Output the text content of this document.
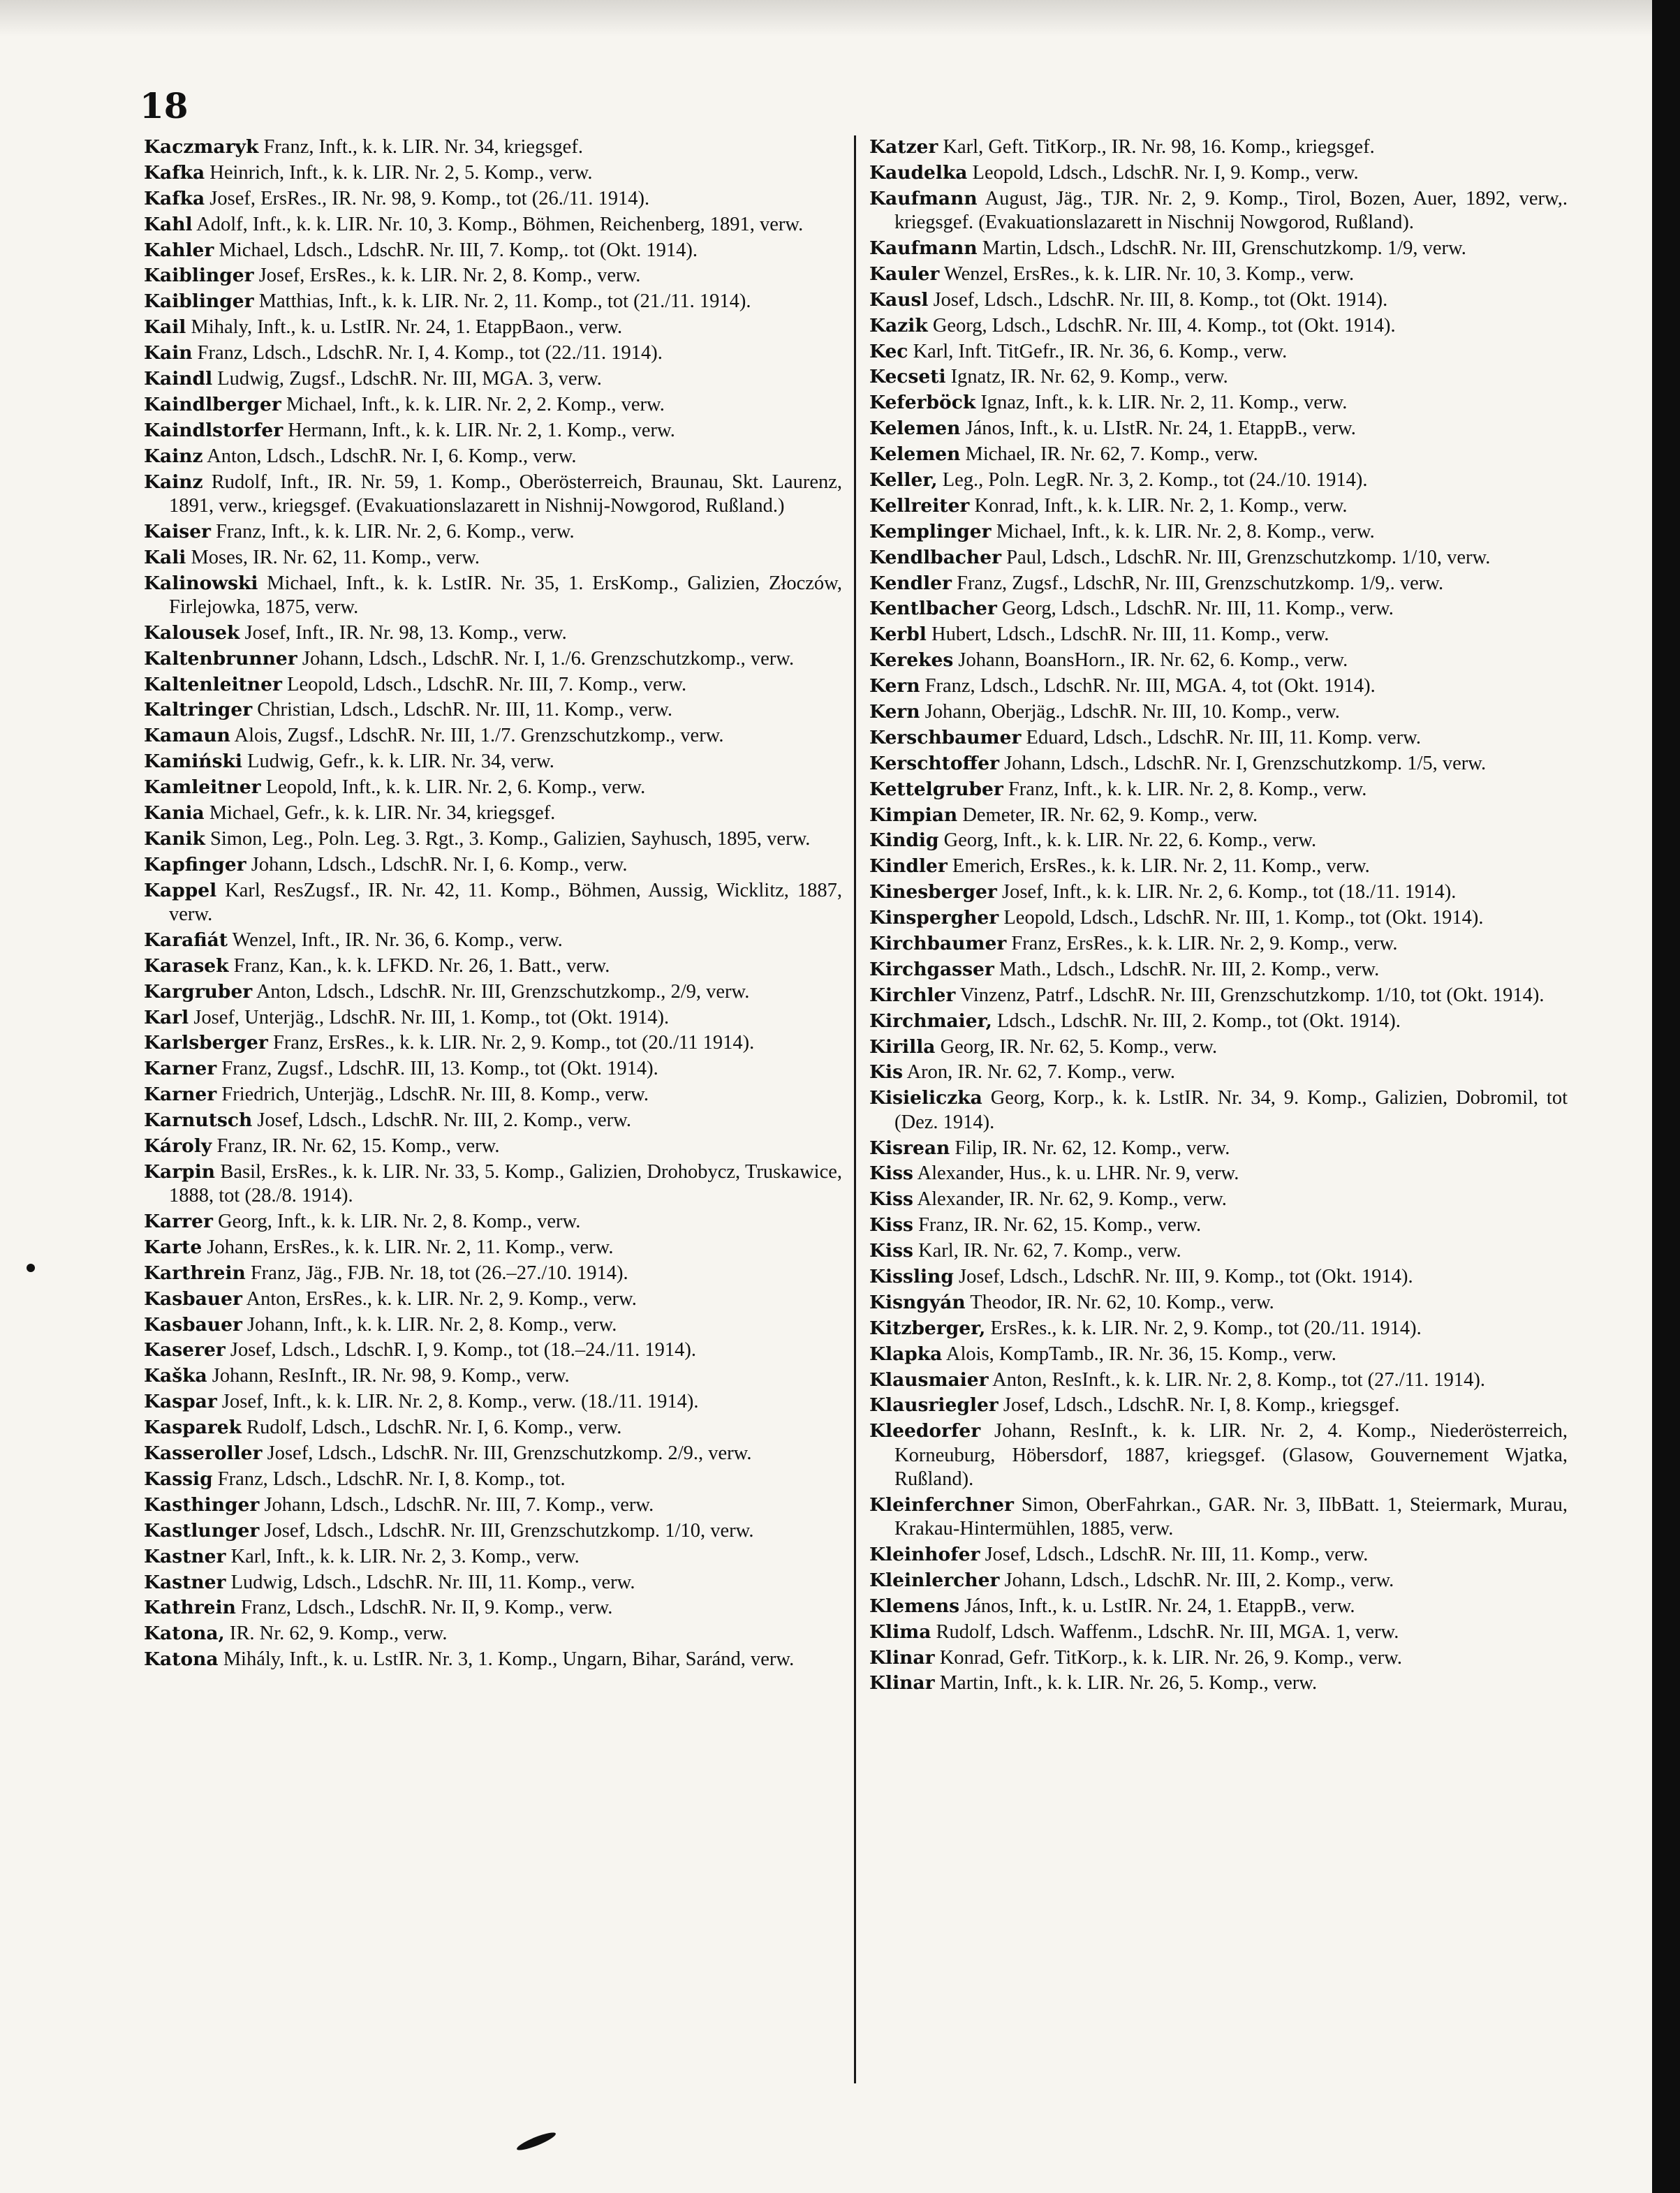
18
Kaczmaryk Franz, Inft., k. k. LIR. Nr. 34, kriegsgef.
Kafka Heinrich, Inft., k. k. LIR. Nr. 2, 5. Komp., verw.
Kafka Josef, ErsRes., IR. Nr. 98, 9. Komp., tot (26./11. 1914).
Kahl Adolf, Inft., k. k. LIR. Nr. 10, 3. Komp., Böhmen, Reichenberg, 1891, verw.
Kahler Michael, Ldsch., LdschR. Nr. III, 7. Komp,. tot (Okt. 1914).
Kaiblinger Josef, ErsRes., k. k. LIR. Nr. 2, 8. Komp., verw.
Kaiblinger Matthias, Inft., k. k. LIR. Nr. 2, 11. Komp., tot (21./11. 1914).
Kail Mihaly, Inft., k. u. LstIR. Nr. 24, 1. EtappBaon., verw.
Kain Franz, Ldsch., LdschR. Nr. I, 4. Komp., tot (22./11. 1914).
Kaindl Ludwig, Zugsf., LdschR. Nr. III, MGA. 3, verw.
Kaindlberger Michael, Inft., k. k. LIR. Nr. 2, 2. Komp., verw.
Kaindlstorfer Hermann, Inft., k. k. LIR. Nr. 2, 1. Komp., verw.
Kainz Anton, Ldsch., LdschR. Nr. I, 6. Komp., verw.
Kainz Rudolf, Inft., IR. Nr. 59, 1. Komp., Oberösterreich, Braunau, Skt. Laurenz, 1891, verw., kriegsgef. (Evakuationslazarett in Nishnij-Nowgorod, Rußland.)
Kaiser Franz, Inft., k. k. LIR. Nr. 2, 6. Komp., verw.
Kali Moses, IR. Nr. 62, 11. Komp., verw.
Kalinowski Michael, Inft., k. k. LstIR. Nr. 35, 1. ErsKomp., Galizien, Złoczów, Firlejowka, 1875, verw.
Kalousek Josef, Inft., IR. Nr. 98, 13. Komp., verw.
Kaltenbrunner Johann, Ldsch., LdschR. Nr. I, 1./6. Grenzschutzkomp., verw.
Kaltenleitner Leopold, Ldsch., LdschR. Nr. III, 7. Komp., verw.
Kaltringer Christian, Ldsch., LdschR. Nr. III, 11. Komp., verw.
Kamaun Alois, Zugsf., LdschR. Nr. III, 1./7. Grenzschutzkomp., verw.
Kamiński Ludwig, Gefr., k. k. LIR. Nr. 34, verw.
Kamleitner Leopold, Inft., k. k. LIR. Nr. 2, 6. Komp., verw.
Kania Michael, Gefr., k. k. LIR. Nr. 34, kriegsgef.
Kanik Simon, Leg., Poln. Leg. 3. Rgt., 3. Komp., Galizien, Sayhusch, 1895, verw.
Kapfinger Johann, Ldsch., LdschR. Nr. I, 6. Komp., verw.
Kappel Karl, ResZugsf., IR. Nr. 42, 11. Komp., Böhmen, Aussig, Wicklitz, 1887, verw.
Karafiát Wenzel, Inft., IR. Nr. 36, 6. Komp., verw.
Karasek Franz, Kan., k. k. LFKD. Nr. 26, 1. Batt., verw.
Kargruber Anton, Ldsch., LdschR. Nr. III, Grenzschutzkomp., 2/9, verw.
Karl Josef, Unterjäg., LdschR. Nr. III, 1. Komp., tot (Okt. 1914).
Karlsberger Franz, ErsRes., k. k. LIR. Nr. 2, 9. Komp., tot (20./11 1914).
Karner Franz, Zugsf., LdschR. III, 13. Komp., tot (Okt. 1914).
Karner Friedrich, Unterjäg., LdschR. Nr. III, 8. Komp., verw.
Karnutsch Josef, Ldsch., LdschR. Nr. III, 2. Komp., verw.
Károly Franz, IR. Nr. 62, 15. Komp., verw.
Karpin Basil, ErsRes., k. k. LIR. Nr. 33, 5. Komp., Galizien, Drohobycz, Truskawice, 1888, tot (28./8. 1914).
Karrer Georg, Inft., k. k. LIR. Nr. 2, 8. Komp., verw.
Karte Johann, ErsRes., k. k. LIR. Nr. 2, 11. Komp., verw.
Karthrein Franz, Jäg., FJB. Nr. 18, tot (26.–27./10. 1914).
Kasbauer Anton, ErsRes., k. k. LIR. Nr. 2, 9. Komp., verw.
Kasbauer Johann, Inft., k. k. LIR. Nr. 2, 8. Komp., verw.
Kaserer Josef, Ldsch., LdschR. I, 9. Komp., tot (18.–24./11. 1914).
Kaška Johann, ResInft., IR. Nr. 98, 9. Komp., verw.
Kaspar Josef, Inft., k. k. LIR. Nr. 2, 8. Komp., verw. (18./11. 1914).
Kasparek Rudolf, Ldsch., LdschR. Nr. I, 6. Komp., verw.
Kasseroller Josef, Ldsch., LdschR. Nr. III, Grenzschutzkomp. 2/9., verw.
Kassig Franz, Ldsch., LdschR. Nr. I, 8. Komp., tot.
Kasthinger Johann, Ldsch., LdschR. Nr. III, 7. Komp., verw.
Kastlunger Josef, Ldsch., LdschR. Nr. III, Grenzschutzkomp. 1/10, verw.
Kastner Karl, Inft., k. k. LIR. Nr. 2, 3. Komp., verw.
Kastner Ludwig, Ldsch., LdschR. Nr. III, 11. Komp., verw.
Kathrein Franz, Ldsch., LdschR. Nr. II, 9. Komp., verw.
Katona, IR. Nr. 62, 9. Komp., verw.
Katona Mihály, Inft., k. u. LstIR. Nr. 3, 1. Komp., Ungarn, Bihar, Saránd, verw.
Katzer Karl, Geft. TitKorp., IR. Nr. 98, 16. Komp., kriegsgef.
Kaudelka Leopold, Ldsch., LdschR. Nr. I, 9. Komp., verw.
Kaufmann August, Jäg., TJR. Nr. 2, 9. Komp., Tirol, Bozen, Auer, 1892, verw,. kriegsgef. (Evakuationslazarett in Nischnij Nowgorod, Rußland).
Kaufmann Martin, Ldsch., LdschR. Nr. III, Grenschutzkomp. 1/9, verw.
Kauler Wenzel, ErsRes., k. k. LIR. Nr. 10, 3. Komp., verw.
Kausl Josef, Ldsch., LdschR. Nr. III, 8. Komp., tot (Okt. 1914).
Kazik Georg, Ldsch., LdschR. Nr. III, 4. Komp., tot (Okt. 1914).
Kec Karl, Inft. TitGefr., IR. Nr. 36, 6. Komp., verw.
Kecseti Ignatz, IR. Nr. 62, 9. Komp., verw.
Keferböck Ignaz, Inft., k. k. LIR. Nr. 2, 11. Komp., verw.
Kelemen János, Inft., k. u. LIstR. Nr. 24, 1. EtappB., verw.
Kelemen Michael, IR. Nr. 62, 7. Komp., verw.
Keller, Leg., Poln. LegR. Nr. 3, 2. Komp., tot (24./10. 1914).
Kellreiter Konrad, Inft., k. k. LIR. Nr. 2, 1. Komp., verw.
Kemplinger Michael, Inft., k. k. LIR. Nr. 2, 8. Komp., verw.
Kendlbacher Paul, Ldsch., LdschR. Nr. III, Grenzschutzkomp. 1/10, verw.
Kendler Franz, Zugsf., LdschR, Nr. III, Grenzschutzkomp. 1/9,. verw.
Kentlbacher Georg, Ldsch., LdschR. Nr. III, 11. Komp., verw.
Kerbl Hubert, Ldsch., LdschR. Nr. III, 11. Komp., verw.
Kerekes Johann, BoansHorn., IR. Nr. 62, 6. Komp., verw.
Kern Franz, Ldsch., LdschR. Nr. III, MGA. 4, tot (Okt. 1914).
Kern Johann, Oberjäg., LdschR. Nr. III, 10. Komp., verw.
Kerschbaumer Eduard, Ldsch., LdschR. Nr. III, 11. Komp. verw.
Kerschtoffer Johann, Ldsch., LdschR. Nr. I, Grenzschutzkomp. 1/5, verw.
Kettelgruber Franz, Inft., k. k. LIR. Nr. 2, 8. Komp., verw.
Kimpian Demeter, IR. Nr. 62, 9. Komp., verw.
Kindig Georg, Inft., k. k. LIR. Nr. 22, 6. Komp., verw.
Kindler Emerich, ErsRes., k. k. LIR. Nr. 2, 11. Komp., verw.
Kinesberger Josef, Inft., k. k. LIR. Nr. 2, 6. Komp., tot (18./11. 1914).
Kinspergher Leopold, Ldsch., LdschR. Nr. III, 1. Komp., tot (Okt. 1914).
Kirchbaumer Franz, ErsRes., k. k. LIR. Nr. 2, 9. Komp., verw.
Kirchgasser Math., Ldsch., LdschR. Nr. III, 2. Komp., verw.
Kirchler Vinzenz, Patrf., LdschR. Nr. III, Grenzschutzkomp. 1/10, tot (Okt. 1914).
Kirchmaier, Ldsch., LdschR. Nr. III, 2. Komp., tot (Okt. 1914).
Kirilla Georg, IR. Nr. 62, 5. Komp., verw.
Kis Aron, IR. Nr. 62, 7. Komp., verw.
Kisieliczka Georg, Korp., k. k. LstIR. Nr. 34, 9. Komp., Galizien, Dobromil, tot (Dez. 1914).
Kisrean Filip, IR. Nr. 62, 12. Komp., verw.
Kiss Alexander, Hus., k. u. LHR. Nr. 9, verw.
Kiss Alexander, IR. Nr. 62, 9. Komp., verw.
Kiss Franz, IR. Nr. 62, 15. Komp., verw.
Kiss Karl, IR. Nr. 62, 7. Komp., verw.
Kissling Josef, Ldsch., LdschR. Nr. III, 9. Komp., tot (Okt. 1914).
Kisngyán Theodor, IR. Nr. 62, 10. Komp., verw.
Kitzberger, ErsRes., k. k. LIR. Nr. 2, 9. Komp., tot (20./11. 1914).
Klapka Alois, KompTamb., IR. Nr. 36, 15. Komp., verw.
Klausmaier Anton, ResInft., k. k. LIR. Nr. 2, 8. Komp., tot (27./11. 1914).
Klausriegler Josef, Ldsch., LdschR. Nr. I, 8. Komp., kriegsgef.
Kleedorfer Johann, ResInft., k. k. LIR. Nr. 2, 4. Komp., Niederösterreich, Korneuburg, Höbersdorf, 1887, kriegsgef. (Glasow, Gouvernement Wjatka, Rußland).
Kleinferchner Simon, OberFahrkan., GAR. Nr. 3, IIbBatt. 1, Steiermark, Murau, Krakau-Hintermühlen, 1885, verw.
Kleinhofer Josef, Ldsch., LdschR. Nr. III, 11. Komp., verw.
Kleinlercher Johann, Ldsch., LdschR. Nr. III, 2. Komp., verw.
Klemens János, Inft., k. u. LstIR. Nr. 24, 1. EtappB., verw.
Klima Rudolf, Ldsch. Waffenm., LdschR. Nr. III, MGA. 1, verw.
Klinar Konrad, Gefr. TitKorp., k. k. LIR. Nr. 26, 9. Komp., verw.
Klinar Martin, Inft., k. k. LIR. Nr. 26, 5. Komp., verw.
